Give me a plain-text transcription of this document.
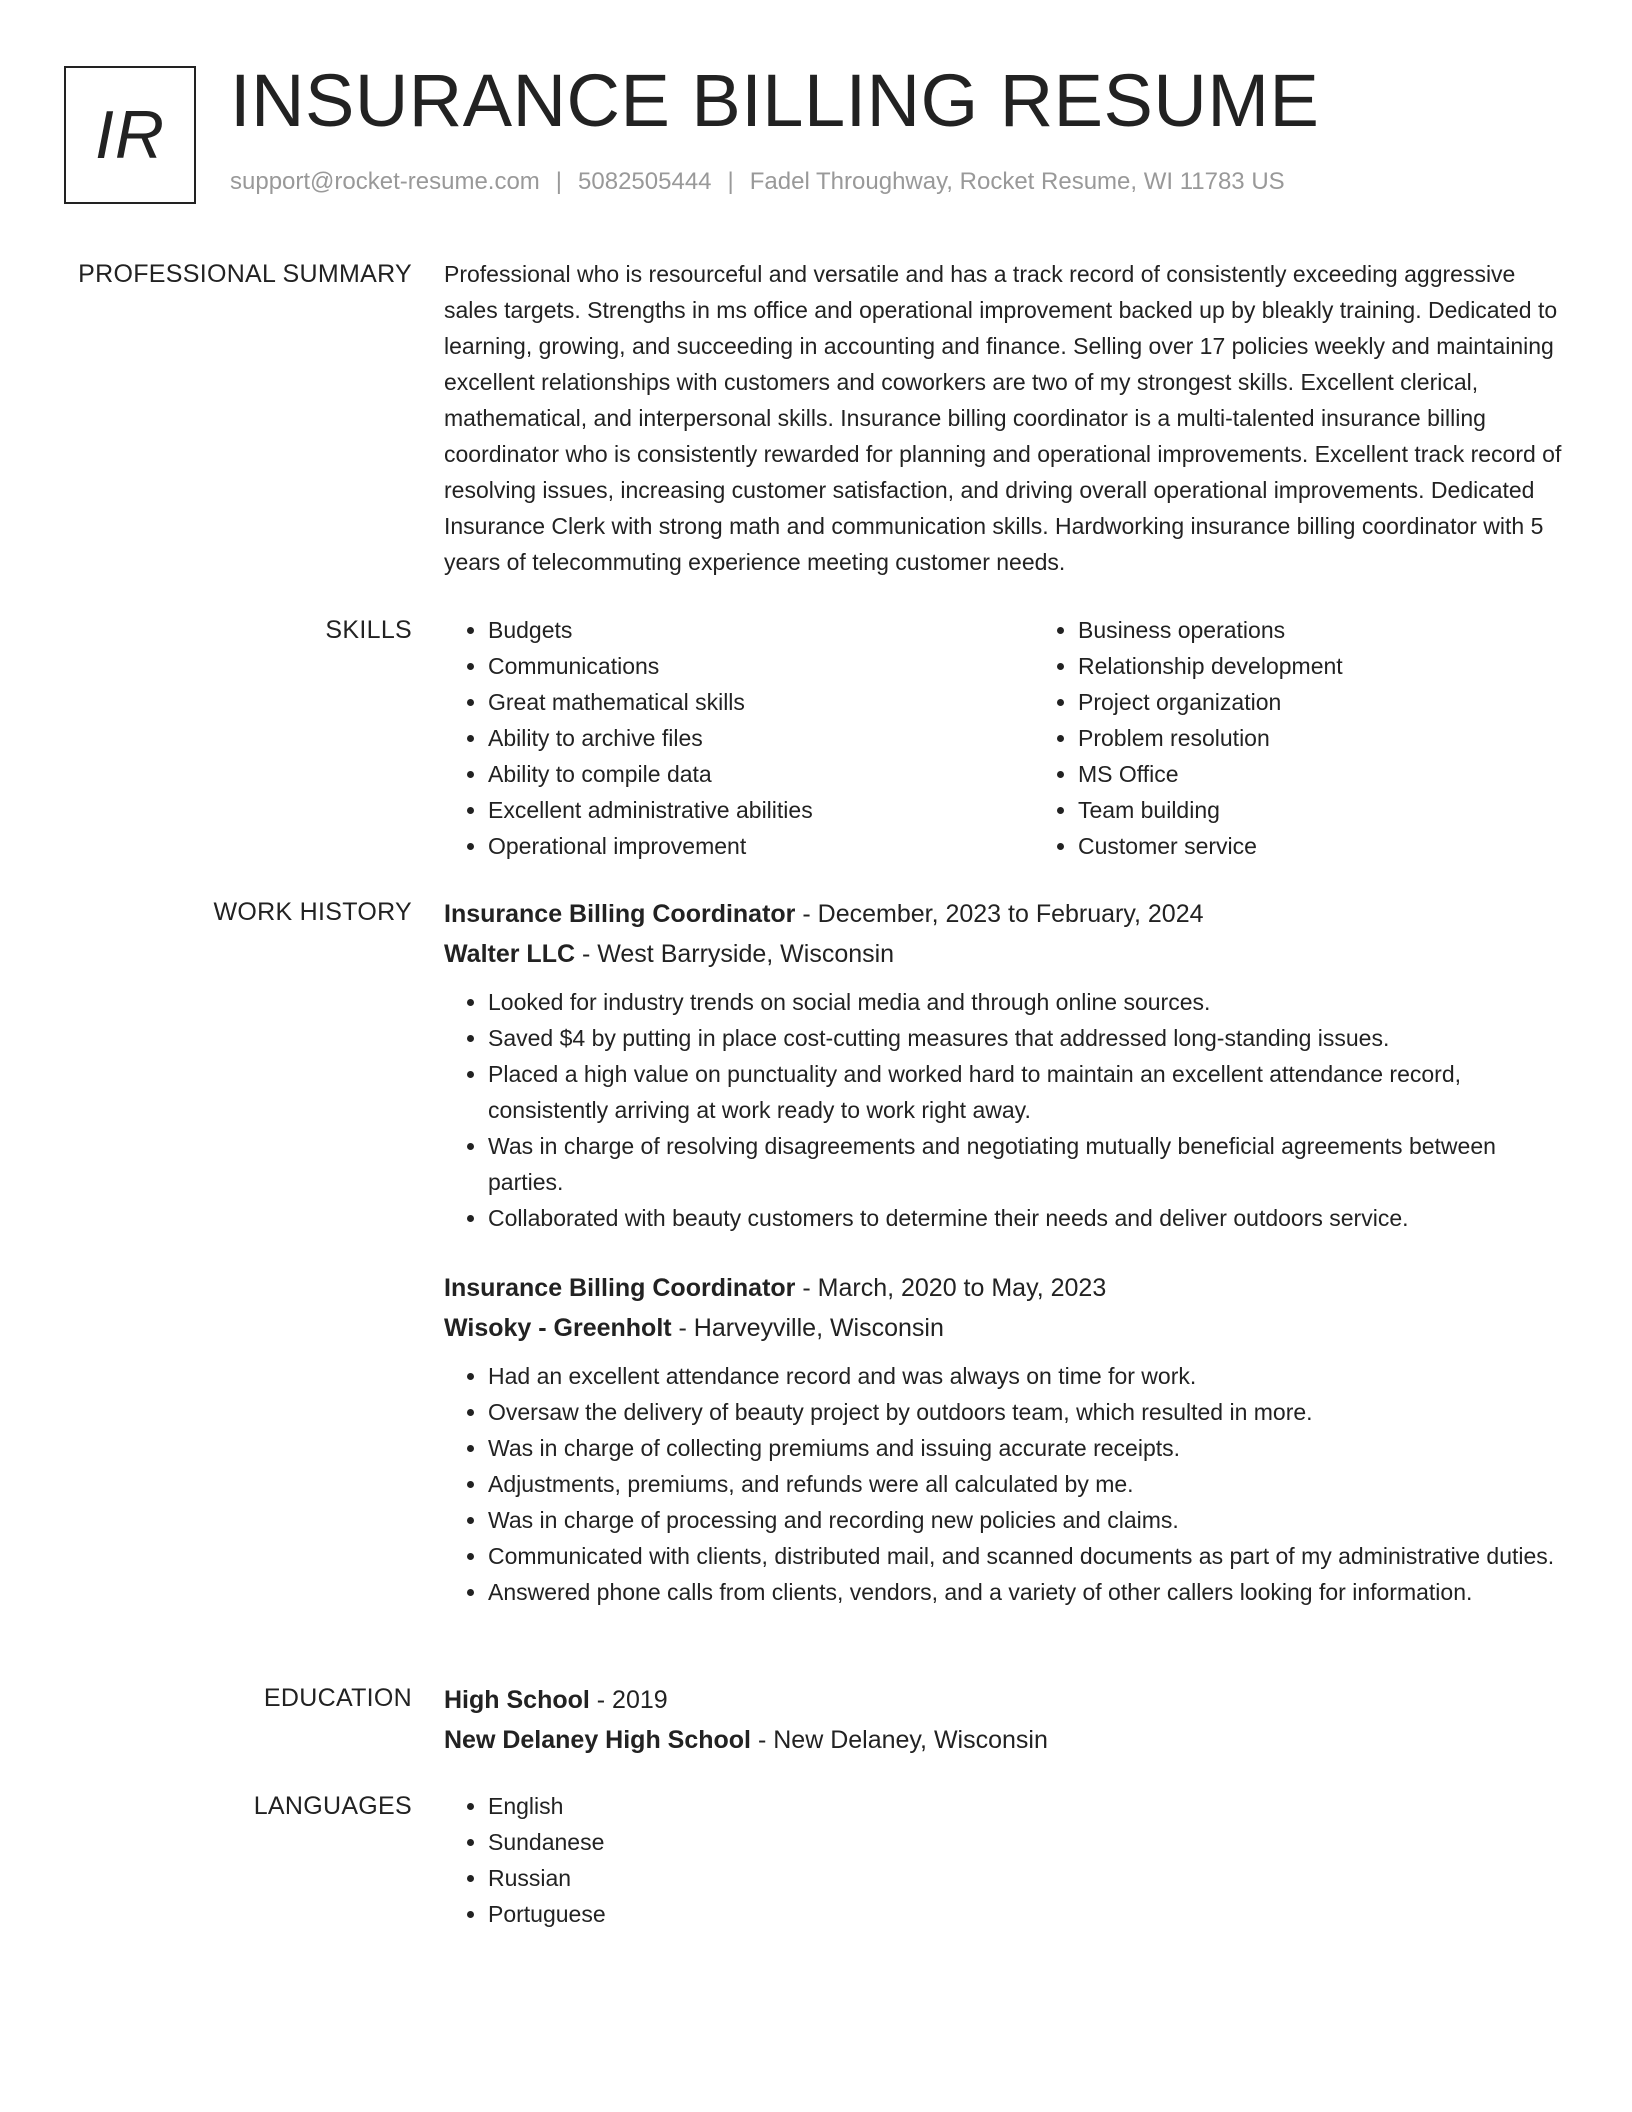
IR INSURANCE BILLING RESUME
support@rocket-resume.com | 5082505444 | Fadel Throughway, Rocket Resume, WI 11783 US
PROFESSIONAL SUMMARY Professional who is resourceful and versatile and has a track record of consistently exceeding aggressive sales targets. Strengths in ms office and operational improvement backed up by bleakly training. Dedicated to learning, growing, and succeeding in accounting and finance. Selling over 17 policies weekly and maintaining excellent relationships with customers and coworkers are two of my strongest skills. Excellent clerical, mathematical, and interpersonal skills. Insurance billing coordinator is a multi-talented insurance billing coordinator who is consistently rewarded for planning and operational improvements. Excellent track record of resolving issues, increasing customer satisfaction, and driving overall operational improvements. Dedicated Insurance Clerk with strong math and communication skills. Hardworking insurance billing coordinator with 5 years of telecommuting experience meeting customer needs.

SKILLS	• Budgets
• Communications
• Great mathematical skills
• Ability to archive files
• Ability to compile data
• Excellent administrative abilities
• Operational improvement
• Business operations
• Relationship development
• Project organization
• Problem resolution
• MS Office
• Team building
• Customer service
WORK HISTORY Insurance Billing Coordinator - December, 2023 to February, 2024
Walter LLC - West Barryside, Wisconsin
• Looked for industry trends on social media and through online sources.
• Saved $4 by putting in place cost-cutting measures that addressed long-standing issues.
• Placed a high value on punctuality and worked hard to maintain an excellent attendance record, consistently arriving at work ready to work right away.
• Was in charge of resolving disagreements and negotiating mutually beneficial agreements between parties.
• Collaborated with beauty customers to determine their needs and deliver outdoors service.
Insurance Billing Coordinator - March, 2020 to May, 2023
Wisoky - Greenholt - Harveyville, Wisconsin
• Had an excellent attendance record and was always on time for work.
• Oversaw the delivery of beauty project by outdoors team, which resulted in more.
• Was in charge of collecting premiums and issuing accurate receipts.
• Adjustments, premiums, and refunds were all calculated by me.
• Was in charge of processing and recording new policies and claims.
• Communicated with clients, distributed mail, and scanned documents as part of my administrative duties.
• Answered phone calls from clients, vendors, and a variety of other callers looking for information.
EDUCATION High School - 2019
New Delaney High School - New Delaney, Wisconsin
LANGUAGES	• English
• Sundanese
• Russian
• Portuguese
